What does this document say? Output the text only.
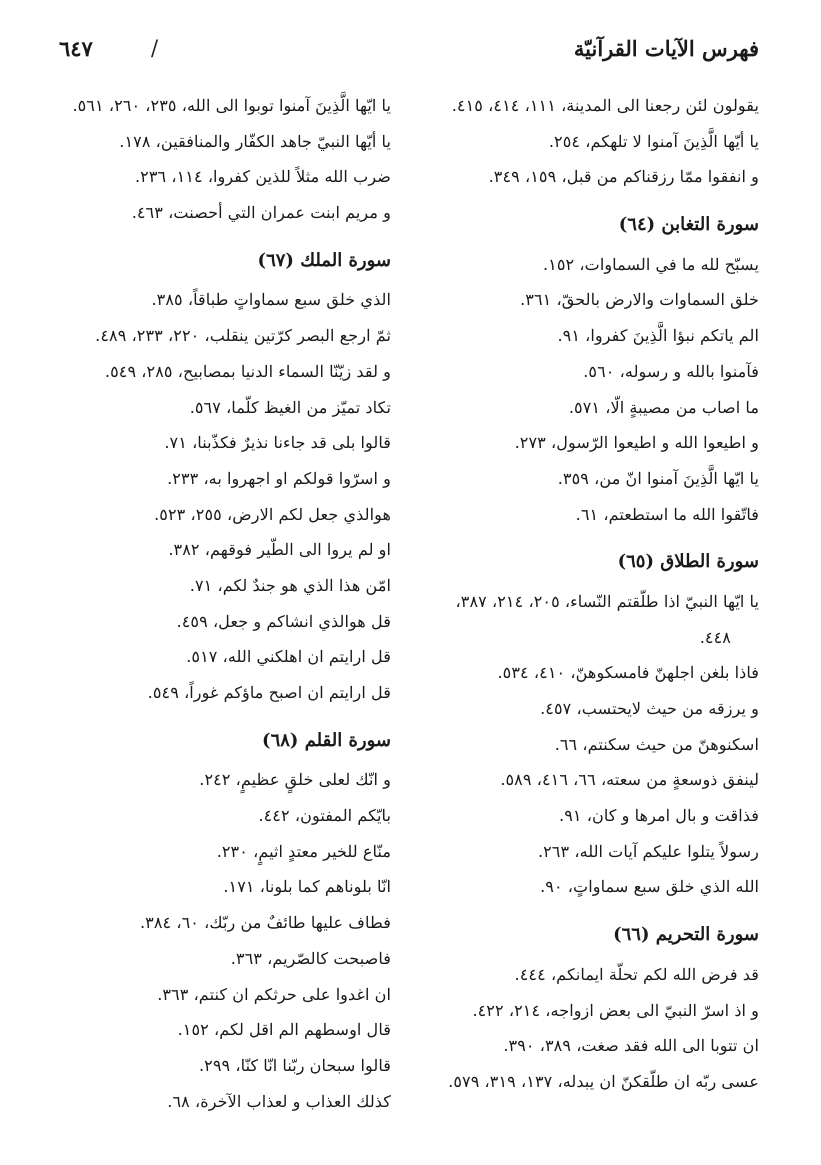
فهرس الآيات القرآنيّة
/
٦٤٧
يقولون لئن رجعنا الى المدينة، ١١١، ٤١٤، ٤١٥.
يا أيّها الَّذِينَ آمنوا لا تلهكم، ٢٥٤.
و انفقوا ممّا رزقناكم من قبل، ١٥٩، ٣٤٩.
سورة التغابن (٦٤)
يسبّح لله ما في السماوات، ١٥٢.
خلق السماوات والارض بالحقّ، ٣٦١.
الم ياتكم نبؤا الَّذِينَ كفروا، ٩١.
فآمنوا بالله و رسوله، ٥٦٠.
ما اصاب من مصيبةٍ الّا، ٥٧١.
و اطيعوا الله و اطيعوا الرّسول، ٢٧٣.
يا ايّها الَّذِينَ آمنوا انّ من، ٣٥٩.
فاتّقوا الله ما استطعتم، ٦١.
سورة الطلاق (٦٥)
يا ايّها النبيّ اذا طلّقتم النّساء، ٢٠٥، ٢١٤، ٣٨٧،
٤٤٨.
فاذا بلغن اجلهنّ فامسكوهنّ، ٤١٠، ٥٣٤.
و يرزقه من حيث لايحتسب، ٤٥٧.
اسكنوهنّ من حيث سكنتم، ٦٦.
لينفق ذوسعةٍ من سعته، ٦٦، ٤١٦، ٥٨٩.
فذاقت و بال امرها و كان، ٩١.
رسولاً يتلوا عليكم آيات الله، ٢٦٣.
الله الذي خلق سبع سماواتٍ، ٩٠.
سورة التحريم (٦٦)
قد فرض الله لكم تحلّة ايمانكم، ٤٤٤.
و اذ اسرّ النبيّ الى بعض ازواجه، ٢١٤، ٤٢٢.
ان تتوبا الى الله فقد صغت، ٣٨٩، ٣٩٠.
عسى ربّه ان طلّقكنّ ان يبدله، ١٣٧، ٣١٩، ٥٧٩.
يا ايّها الَّذِينَ آمنوا توبوا الى الله، ٢٣٥، ٢٦٠، ٥٦١.
يا أيّها النبيّ جاهد الكفّار والمنافقين، ١٧٨.
ضرب الله مثلاً للذين كفروا، ١١٤، ٢٣٦.
و مريم ابنت عمران التي أحصنت، ٤٦٣.
سورة الملك (٦٧)
الذي خلق سبع سماواتٍ طباقاً، ٣٨٥.
ثمّ ارجع البصر كرّتين ينقلب، ٢٢٠، ٢٣٣، ٤٨٩.
و لقد زيّنّا السماء الدنيا بمصابيح، ٢٨٥، ٥٤٩.
تكاد تميّز من الغيظ كلّما، ٥٦٧.
قالوا بلى قد جاءنا نذيرٌ فكذّبنا، ٧١.
و اسرّوا قولكم او اجهروا به، ٢٣٣.
هوالذي جعل لكم الارض، ٢٥٥، ٥٢٣.
او لم يروا الى الطّير فوقهم، ٣٨٢.
امّن هذا الذي هو جندٌ لكم، ٧١.
قل هوالذي انشاكم و جعل، ٤٥٩.
قل ارايتم ان اهلكني الله، ٥١٧.
قل ارايتم ان اصبح ماؤكم غوراً، ٥٤٩.
سورة القلم (٦٨)
و انّك لعلى خلقٍ عظيمٍ، ٢٤٢.
بايّكم المفتون، ٤٤٢.
منّاع للخير معتدٍ اثيمٍ، ٢٣٠.
انّا بلوناهم كما بلونا، ١٧١.
فطاف عليها طائفٌ من ربّك، ٦٠، ٣٨٤.
فاصبحت كالصّريم، ٣٦٣.
ان اغدوا على حرثكم ان كنتم، ٣٦٣.
قال اوسطهم الم اقل لكم، ١٥٢.
قالوا سبحان ربّنا انّا كنّا، ٢٩٩.
كذلك العذاب و لعذاب الآخرة، ٦٨.
